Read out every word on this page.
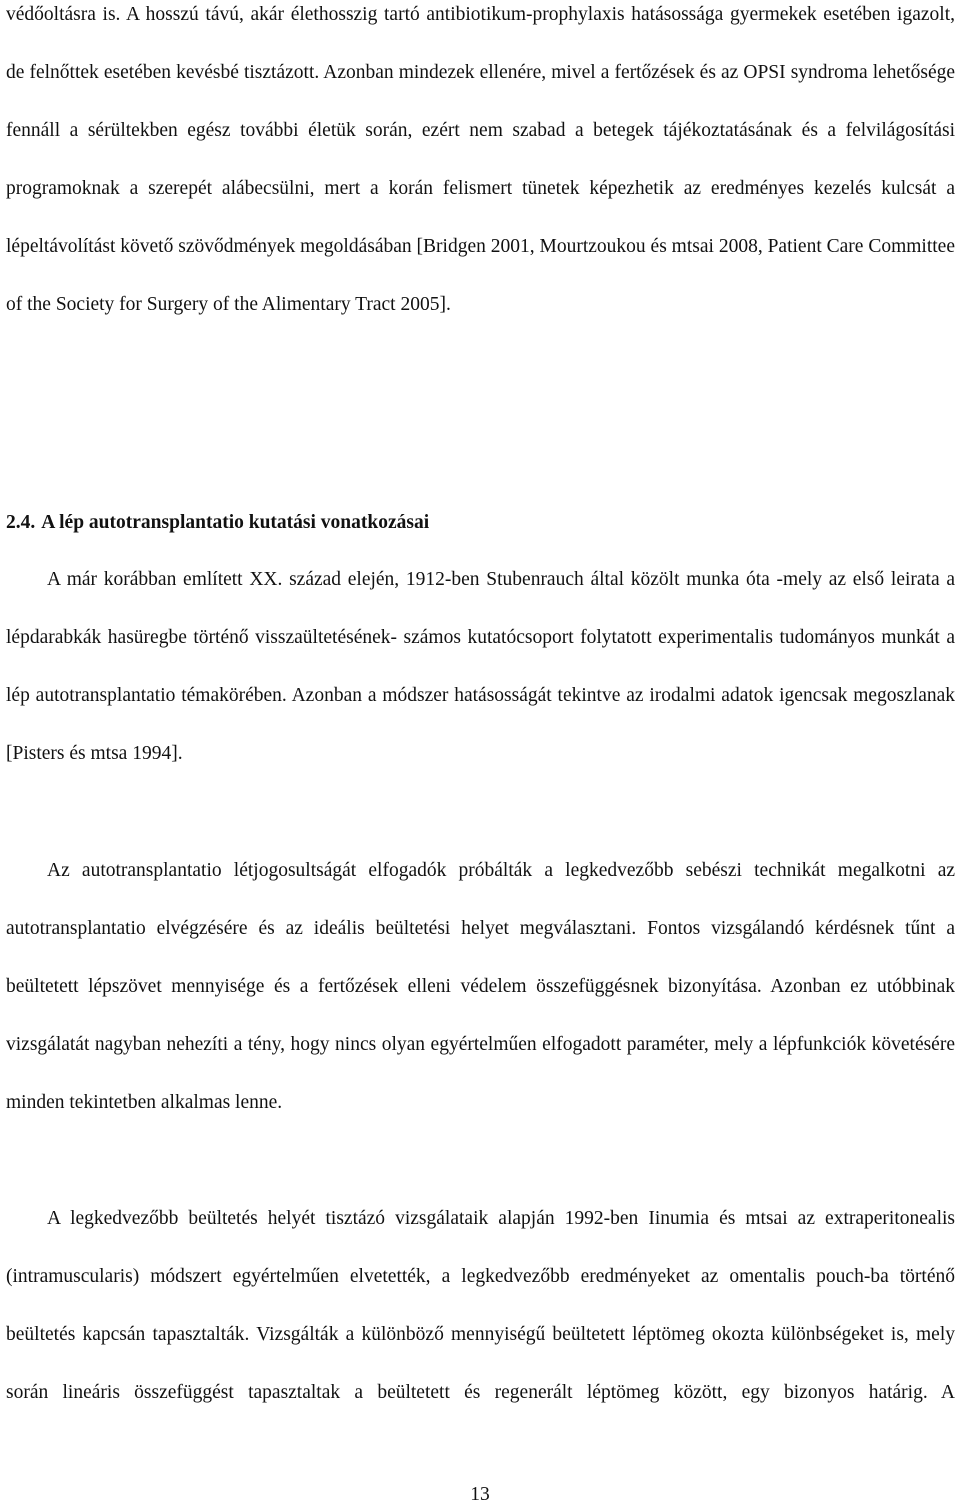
védőoltásra is. A hosszú távú, akár élethosszig tartó antibiotikum-prophylaxis hatásossága gyermekek esetében igazolt, de felnőttek esetében kevésbé tisztázott. Azonban mindezek ellenére, mivel a fertőzések és az OPSI syndroma lehetősége fennáll a sérültekben egész további életük során, ezért nem szabad a betegek tájékoztatásának és a felvilágosítási programoknak a szerepét alábecsülni, mert a korán felismert tünetek képezhetik az eredményes kezelés kulcsát a lépeltávolítást követő szövődmények megoldásában [Bridgen 2001, Mourtzoukou és mtsai 2008, Patient Care Committee of the Society for Surgery of the Alimentary Tract 2005].

2.4. A lép autotransplantatio kutatási vonatkozásai

A már korábban említett XX. század elején, 1912-ben Stubenrauch által közölt munka óta -mely az első leirata a lépdarabkák hasüregbe történő visszaültetésének- számos kutatócsoport folytatott experimentalis tudományos munkát a lép autotransplantatio témakörében. Azonban a módszer hatásosságát tekintve az irodalmi adatok igencsak megoszlanak [Pisters és mtsa 1994].

Az autotransplantatio létjogosultságát elfogadók próbálták a legkedvezőbb sebészi technikát megalkotni az autotransplantatio elvégzésére és az ideális beültetési helyet megválasztani. Fontos vizsgálandó kérdésnek tűnt a beültetett lépszövet mennyisége és a fertőzések elleni védelem összefüggésnek bizonyítása. Azonban ez utóbbinak vizsgálatát nagyban nehezíti a tény, hogy nincs olyan egyértelműen elfogadott paraméter, mely a lépfunkciók követésére minden tekintetben alkalmas lenne.

A legkedvezőbb beültetés helyét tisztázó vizsgálataik alapján 1992-ben Iinumia és mtsai az extraperitonealis (intramuscularis) módszert egyértelműen elvetették, a legkedvezőbb eredményeket az omentalis pouch-ba történő beültetés kapcsán tapasztalták. Vizsgálták a különböző mennyiségű beültetett léptömeg okozta különbségeket is, mely során lineáris összefüggést tapasztaltak a beültetett és regenerált léptömeg között, egy bizonyos határig. A

13
